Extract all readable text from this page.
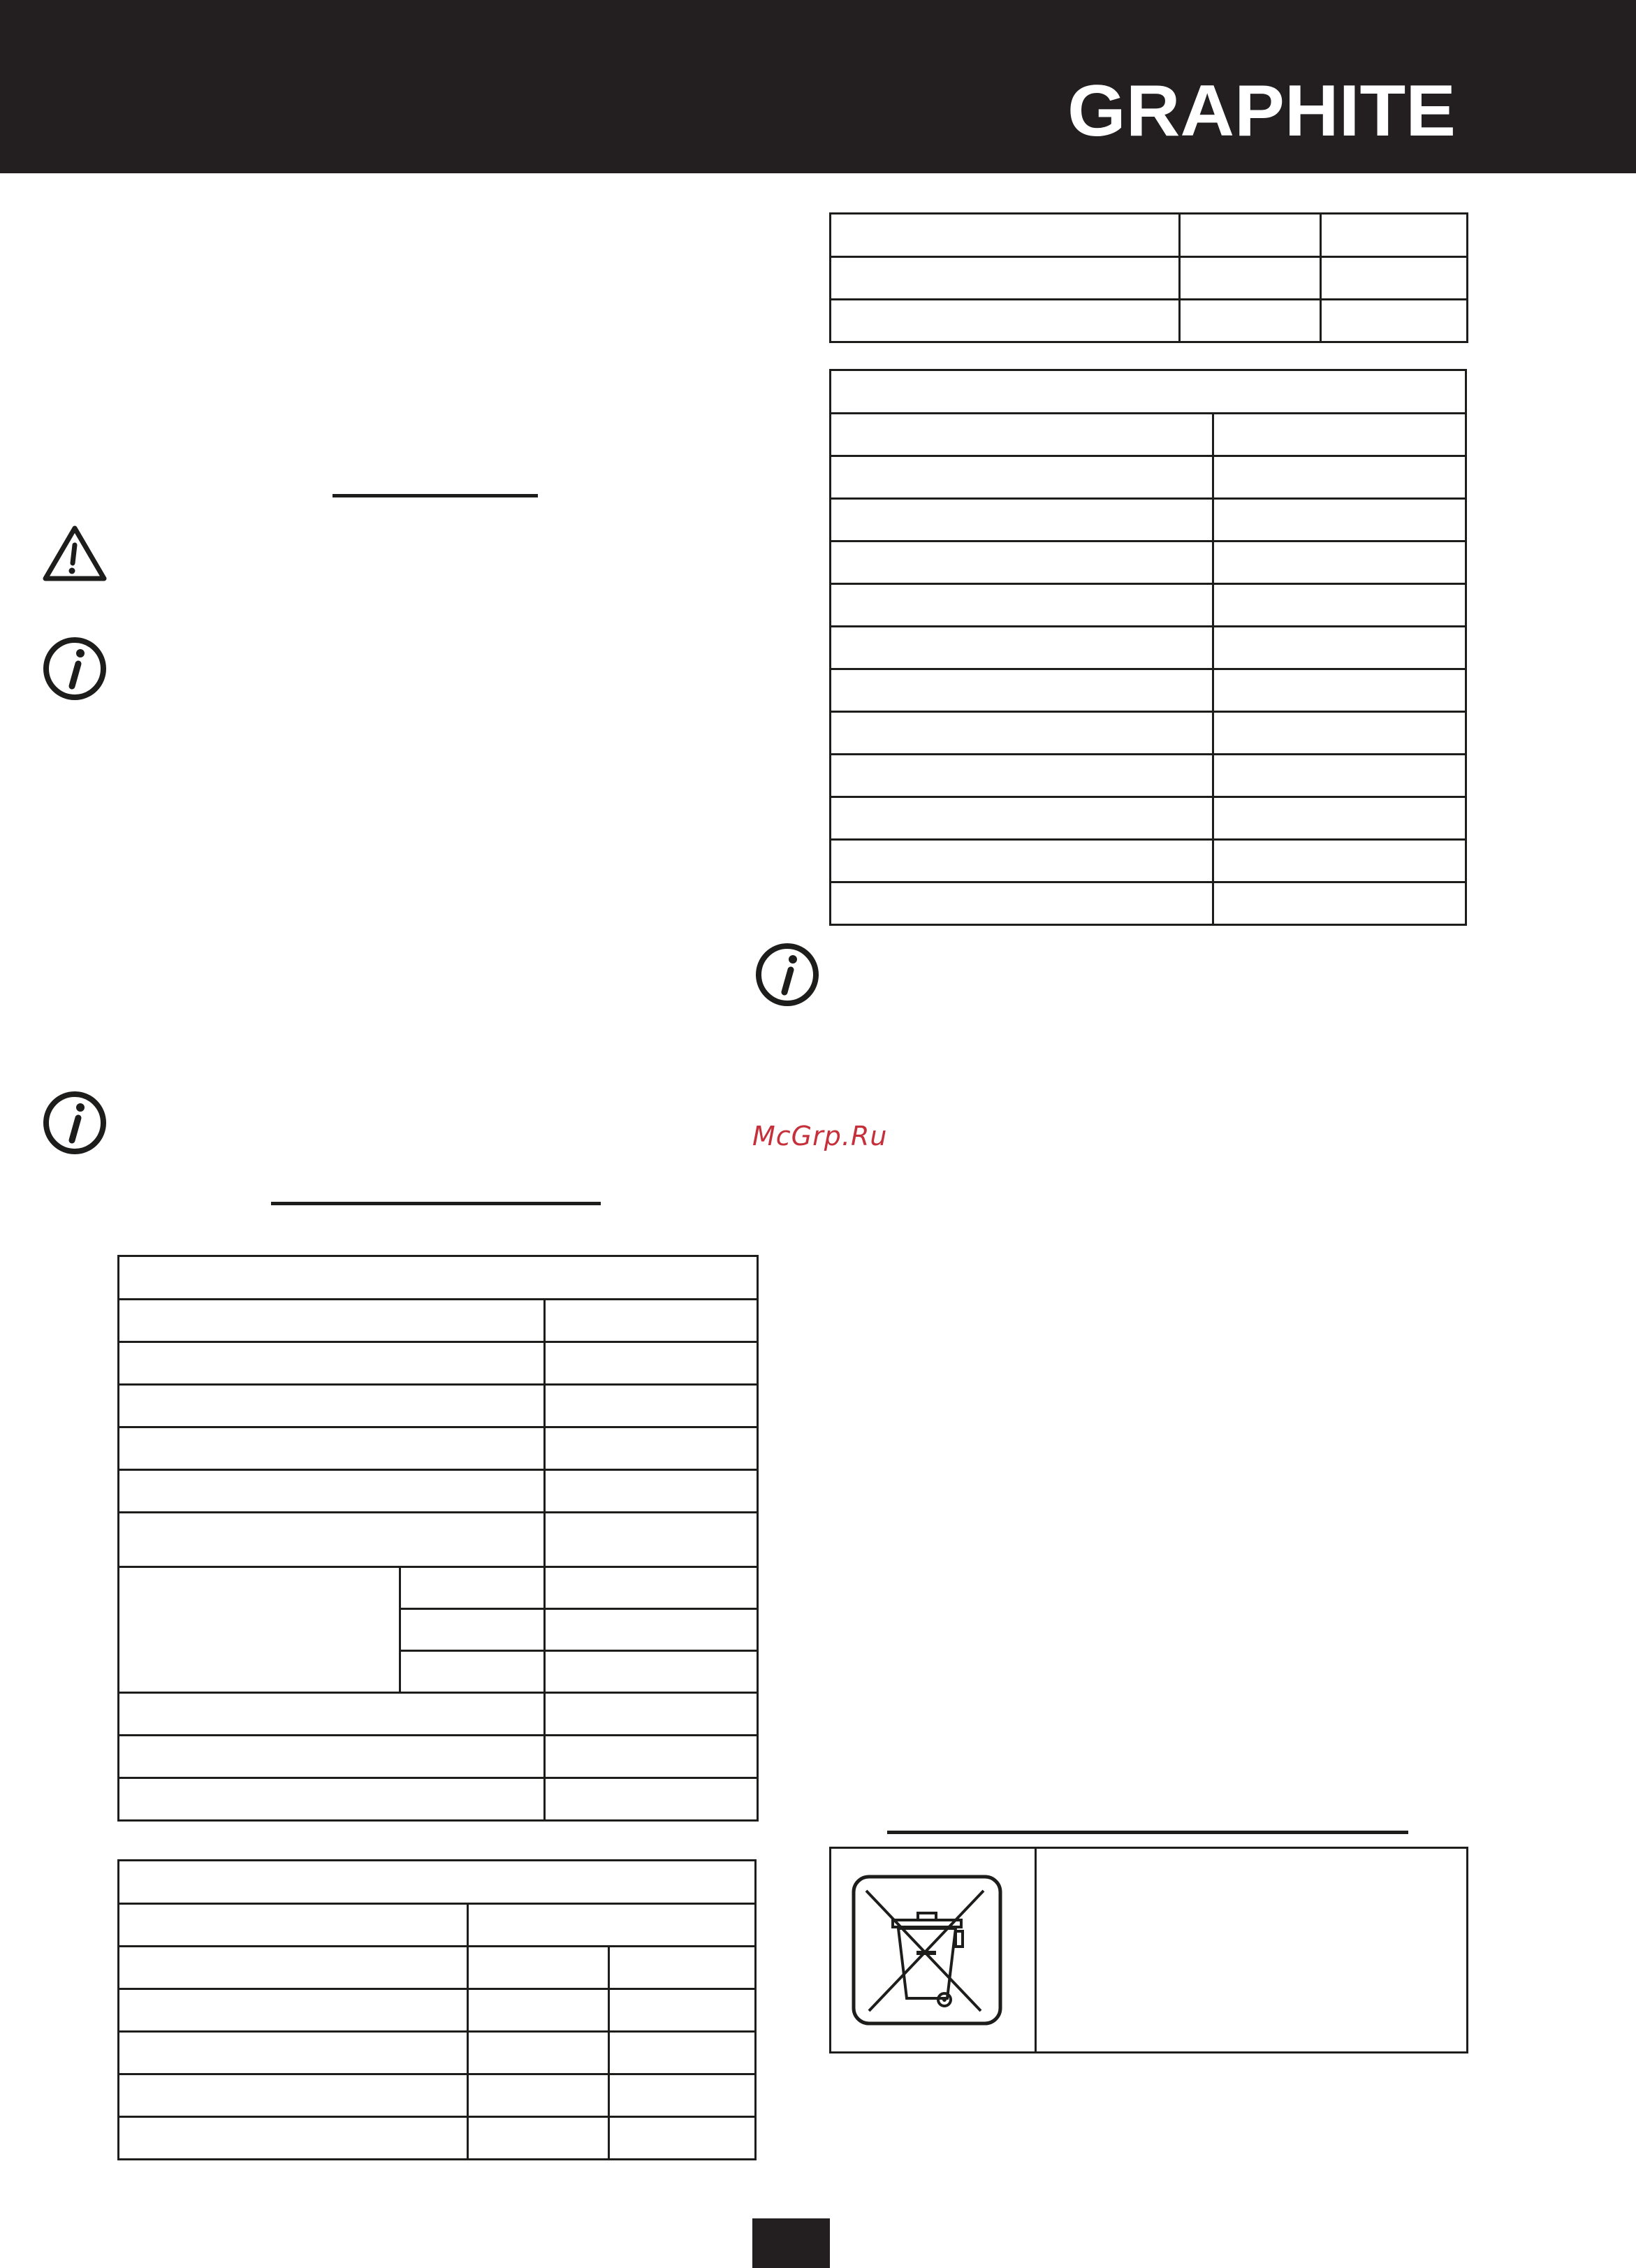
GRAPHITE

McGrp.Ru
